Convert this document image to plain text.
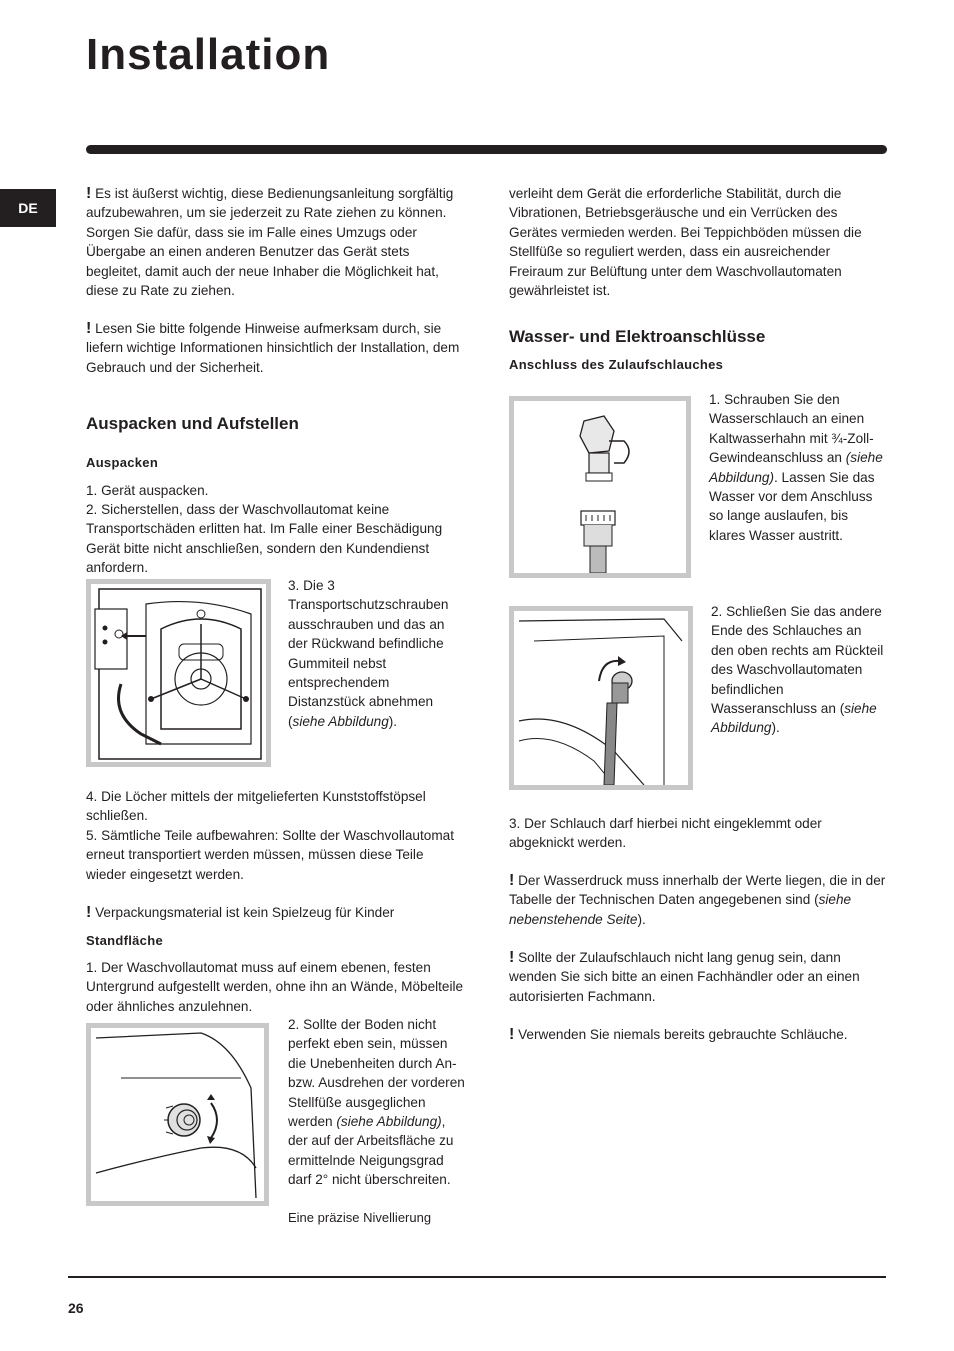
Installation
DE

! Es ist äußerst wichtig, diese Bedienungsanleitung sorgfältig aufzubewahren, um sie jederzeit zu Rate ziehen zu können. Sorgen Sie dafür, dass sie im Falle eines Umzugs oder Übergabe an einen anderen Benutzer das Gerät stets begleitet, damit auch der neue Inhaber die Möglichkeit hat, diese zu Rate zu ziehen.

! Lesen Sie bitte folgende Hinweise aufmerksam durch, sie liefern wichtige Informationen hinsichtlich der Installation, dem Gebrauch und der Sicherheit.

Auspacken und Aufstellen
Auspacken

1. Gerät auspacken.

2. Sicherstellen, dass der Waschvollautomat keine Transportschäden erlitten hat. Im Falle einer Beschädigung Gerät bitte nicht anschließen, sondern den Kundendienst anfordern.

3. Die 3 Transportschutzschrauben ausschrauben und das an der Rückwand befindliche Gummiteil nebst entsprechendem Distanzstück abnehmen (siehe Abbildung).

4. Die Löcher mittels der mitgelieferten Kunststoffstöpsel schließen.
5. Sämtliche Teile aufbewahren: Sollte der Waschvollautomat erneut transportiert werden müssen, müssen diese Teile wieder eingesetzt werden.

! Verpackungsmaterial ist kein Spielzeug für Kinder

Standfläche

1. Der Waschvollautomat muss auf einem ebenen, festen Untergrund aufgestellt werden, ohne ihn an Wände, Möbelteile oder ähnliches anzulehnen.

2. Sollte der Boden nicht perfekt eben sein, müssen die Unebenheiten durch An- bzw. Ausdrehen der vorderen Stellfüße ausgeglichen werden (siehe Abbildung), der auf der Arbeitsfläche zu ermittelnde Neigungsgrad darf 2° nicht überschreiten.

Eine präzise Nivellierung

verleiht dem Gerät die erforderliche Stabilität, durch die Vibrationen, Betriebsgeräusche und ein Verrücken des Gerätes vermieden werden. Bei Teppichböden müssen die Stellfüße so reguliert werden, dass ein ausreichender Freiraum zur Belüftung unter dem Waschvollautomaten gewährleistet ist.

Wasser- und Elektroanschlüsse
Anschluss des Zulaufschlauches

1. Schrauben Sie den Wasserschlauch an einen Kaltwasserhahn mit ¾-Zoll-Gewindeanschluss an (siehe Abbildung). Lassen Sie das Wasser vor dem Anschluss so lange auslaufen, bis klares Wasser austritt.

2. Schließen Sie das andere Ende des Schlauches an den oben rechts am Rückteil des Waschvollautomaten befindlichen Wasseranschluss an (siehe Abbildung).

3. Der Schlauch darf hierbei nicht eingeklemmt oder abgeknickt werden.

! Der Wasserdruck muss innerhalb der Werte liegen, die in der Tabelle der Technischen Daten angegebenen sind (siehe nebenstehende Seite).

! Sollte der Zulaufschlauch nicht lang genug sein, dann wenden Sie sich bitte an einen Fachhändler oder an einen autorisierten Fachmann.

! Verwenden Sie niemals bereits gebrauchte Schläuche.

26
